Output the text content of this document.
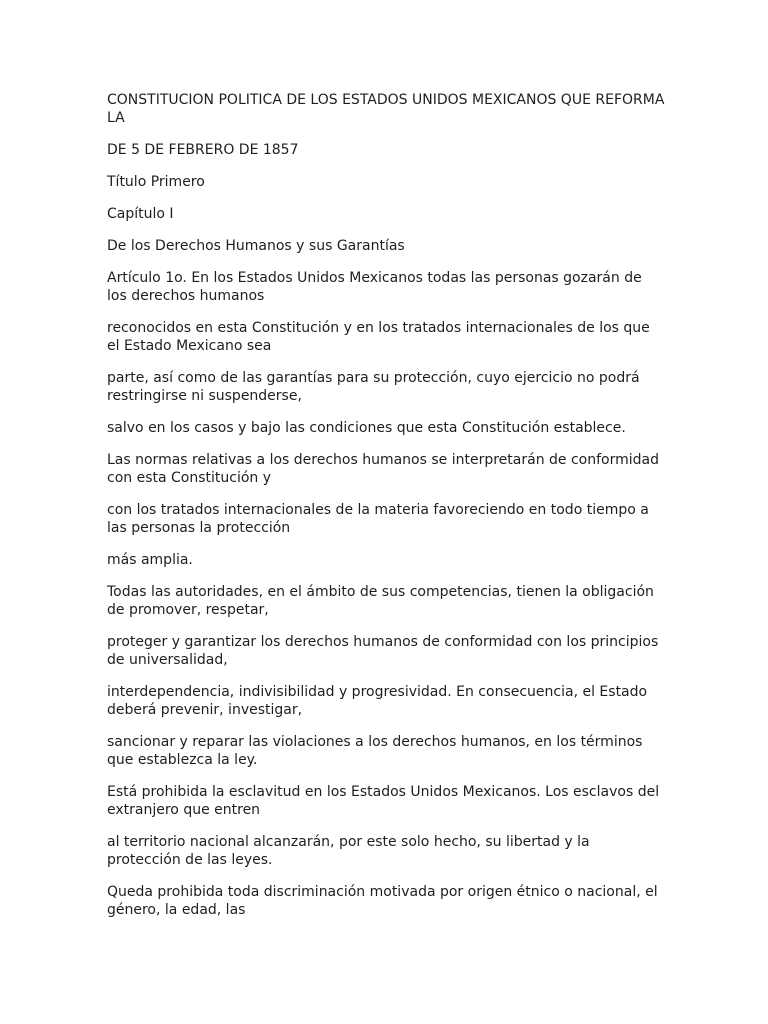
CONSTITUCION POLITICA DE LOS ESTADOS UNIDOS MEXICANOS QUE REFORMA LA

DE 5 DE FEBRERO DE 1857

Título Primero

Capítulo I

De los Derechos Humanos y sus Garantías

Artículo 1o. En los Estados Unidos Mexicanos todas las personas gozarán de los derechos humanos

reconocidos en esta Constitución y en los tratados internacionales de los que el Estado Mexicano sea

parte, así como de las garantías para su protección, cuyo ejercicio no podrá restringirse ni suspenderse,

salvo en los casos y bajo las condiciones que esta Constitución establece.

Las normas relativas a los derechos humanos se interpretarán de conformidad con esta Constitución y

con los tratados internacionales de la materia favoreciendo en todo tiempo a las personas la protección

más amplia.

Todas las autoridades, en el ámbito de sus competencias, tienen la obligación de promover, respetar,

proteger y garantizar los derechos humanos de conformidad con los principios de universalidad,

interdependencia, indivisibilidad y progresividad. En consecuencia, el Estado deberá prevenir, investigar,

sancionar y reparar las violaciones a los derechos humanos, en los términos que establezca la ley.

Está prohibida la esclavitud en los Estados Unidos Mexicanos. Los esclavos del extranjero que entren

al territorio nacional alcanzarán, por este solo hecho, su libertad y la protección de las leyes.

Queda prohibida toda discriminación motivada por origen étnico o nacional, el género, la edad, las
